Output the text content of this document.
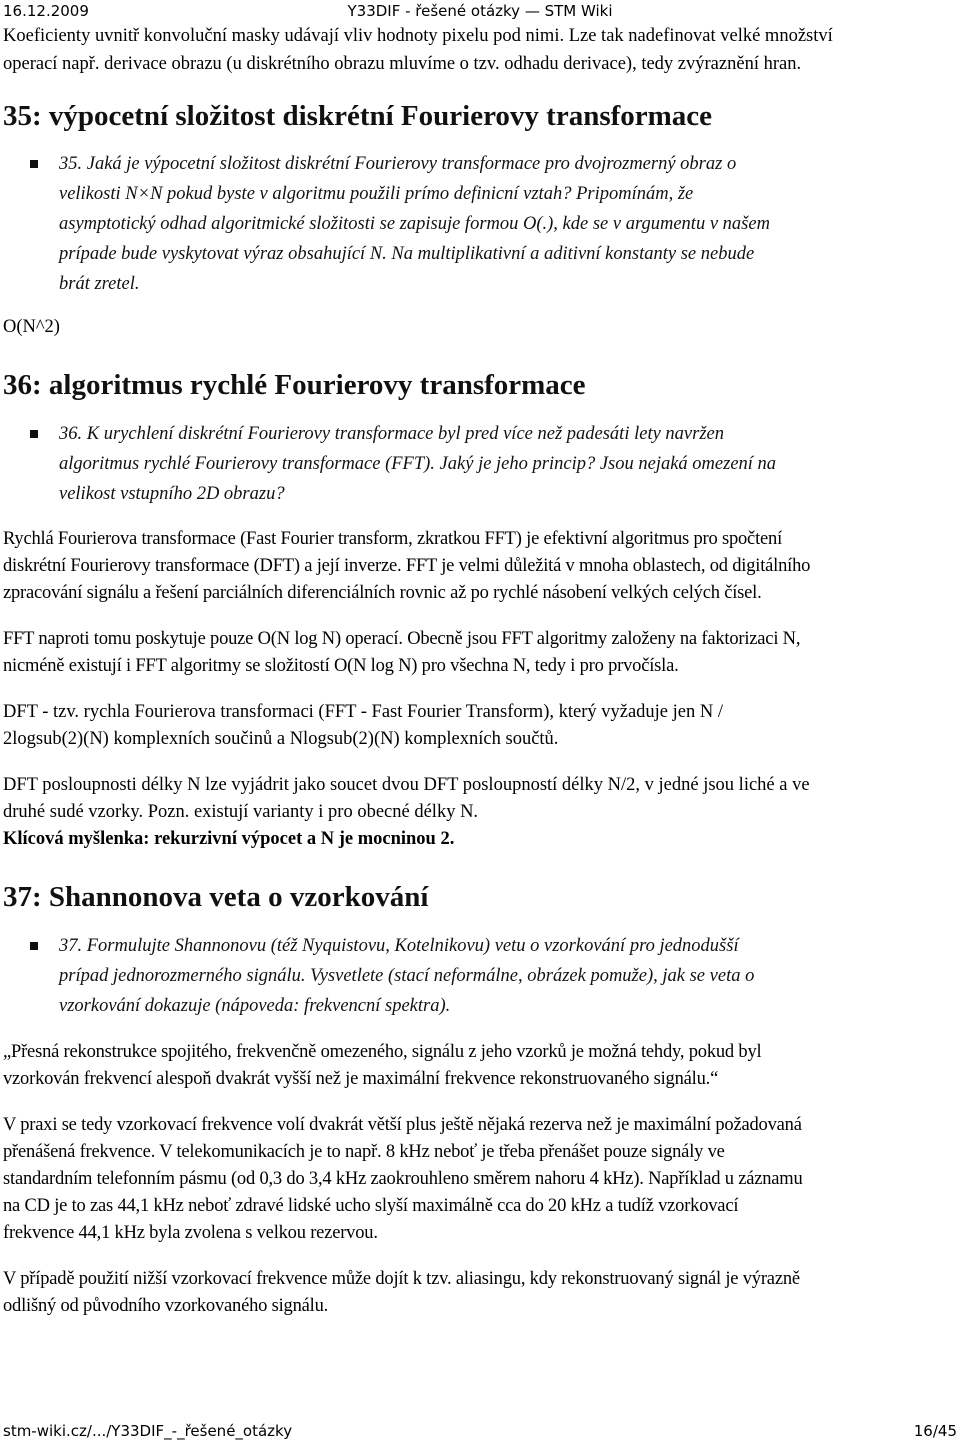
16.12.2009	Y33DIF - řešené otázky — STM Wiki

Koeficienty uvnitř konvoluční masky udávají vliv hodnoty pixelu pod nimi. Lze tak nadefinovat velké množství
operací např. derivace obrazu (u diskrétního obrazu mluvíme o tzv. odhadu derivace), tedy zvýraznění hran.

35: výpocetní složitost diskrétní Fourierovy transformace
35. Jaká je výpocetní složitost diskrétní Fourierovy transformace pro dvojrozmerný obraz o
velikosti N×N pokud byste v algoritmu použili prímo definicní vztah? Pripomínám, že
asymptotický odhad algoritmické složitosti se zapisuje formou O(.), kde se v argumentu v našem
prípade bude vyskytovat výraz obsahující N. Na multiplikativní a aditivní konstanty se nebude
brát zretel.

O(N^2)

36: algoritmus rychlé Fourierovy transformace
36. K urychlení diskrétní Fourierovy transformace byl pred více než padesáti lety navržen
algoritmus rychlé Fourierovy transformace (FFT). Jaký je jeho princip? Jsou nejaká omezení na
velikost vstupního 2D obrazu?

Rychlá Fourierova transformace (Fast Fourier transform, zkratkou FFT) je efektivní algoritmus pro spočtení
diskrétní Fourierovy transformace (DFT) a její inverze. FFT je velmi důležitá v mnoha oblastech, od digitálního
zpracování signálu a řešení parciálních diferenciálních rovnic až po rychlé násobení velkých celých čísel.

FFT naproti tomu poskytuje pouze O(N log N) operací. Obecně jsou FFT algoritmy založeny na faktorizaci N,
nicméně existují i FFT algoritmy se složitostí O(N log N) pro všechna N, tedy i pro prvočísla.

DFT - tzv. rychla Fourierova transformaci (FFT - Fast Fourier Transform), který vyžaduje jen N /
2logsub(2)(N) komplexních součinů a Nlogsub(2)(N) komplexních součtů.

DFT posloupnosti délky N lze vyjádrit jako soucet dvou DFT posloupností délky N/2, v jedné jsou liché a ve
druhé sudé vzorky. Pozn. existují varianty i pro obecné délky N.
Klícová myšlenka: rekurzivní výpocet a N je mocninou 2.

37: Shannonova veta o vzorkování
37. Formulujte Shannonovu (též Nyquistovu, Kotelnikovu) vetu o vzorkování pro jednodušší
prípad jednorozmerného signálu. Vysvetlete (stací neformálne, obrázek pomuže), jak se veta o
vzorkování dokazuje (nápoveda: frekvencní spektra).

„Přesná rekonstrukce spojitého, frekvenčně omezeného, signálu z jeho vzorků je možná tehdy, pokud byl
vzorkován frekvencí alespoň dvakrát vyšší než je maximální frekvence rekonstruovaného signálu.“

V praxi se tedy vzorkovací frekvence volí dvakrát větší plus ještě nějaká rezerva než je maximální požadovaná
přenášená frekvence. V telekomunikacích je to např. 8 kHz neboť je třeba přenášet pouze signály ve
standardním telefonním pásmu (od 0,3 do 3,4 kHz zaokrouhleno směrem nahoru 4 kHz). Například u záznamu
na CD je to zas 44,1 kHz neboť zdravé lidské ucho slyší maximálně cca do 20 kHz a tudíž vzorkovací
frekvence 44,1 kHz byla zvolena s velkou rezervou.

V případě použití nižší vzorkovací frekvence může dojít k tzv. aliasingu, kdy rekonstruovaný signál je výrazně
odlišný od původního vzorkovaného signálu.

stm-wiki.cz/.../Y33DIF_-_řešené_otázky	16/45
